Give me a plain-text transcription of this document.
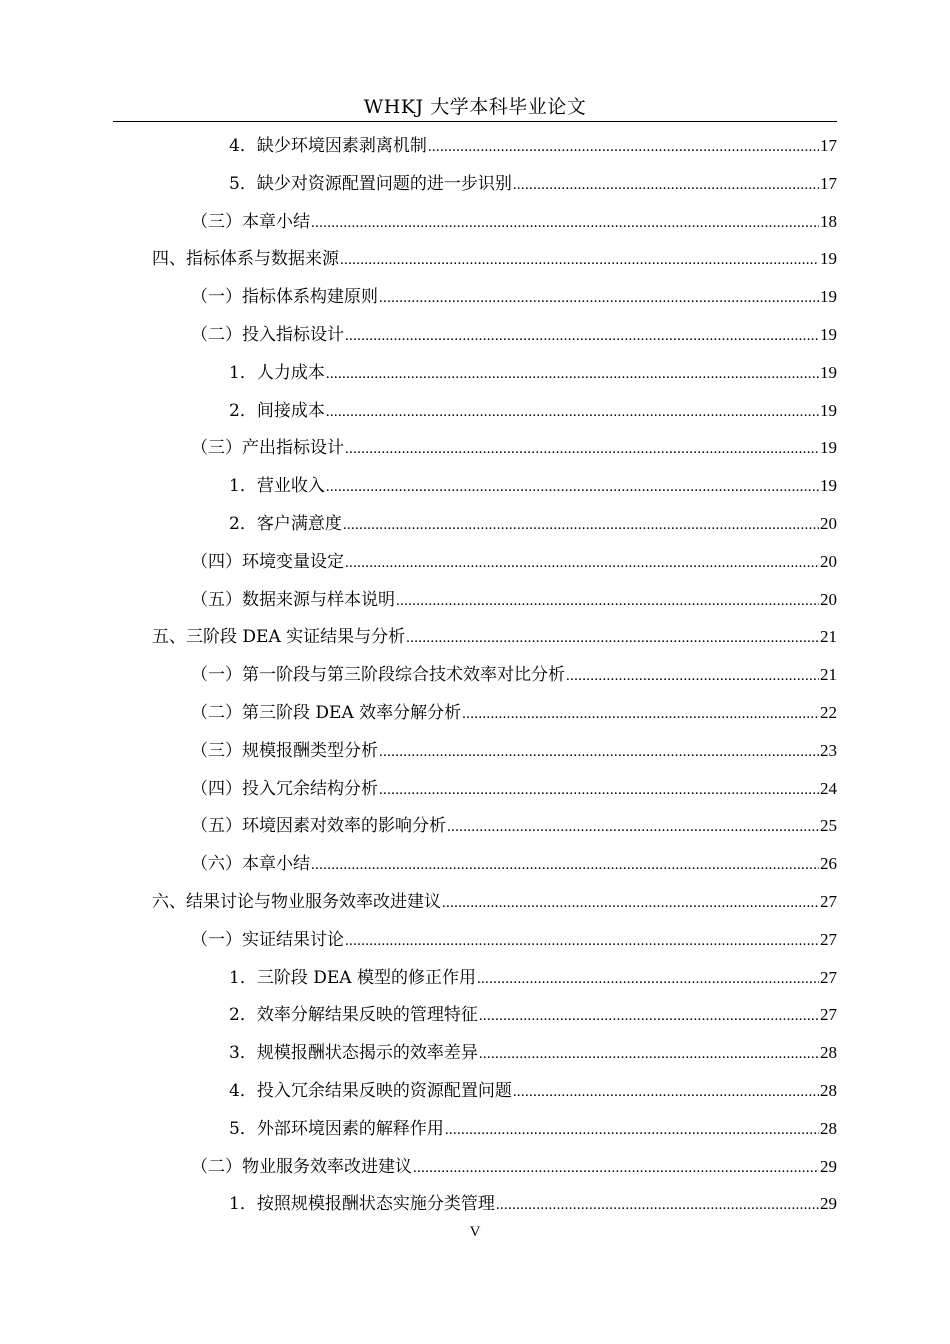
WHKJ 大学本科毕业论文
4．缺少环境因素剥离机制 .....	17
5．缺少对资源配置问题的进一步识别 .....	17
（三）本章小结 .....	18
四、指标体系与数据来源 .....	19
（一）指标体系构建原则 .....	19
（二）投入指标设计 .....	19
1．人力成本 .....	19
2．间接成本 .....	19
（三）产出指标设计 .....	19
1．营业收入 .....	19
2．客户满意度 .....	20
（四）环境变量设定 .....	20
（五）数据来源与样本说明 .....	20
五、三阶段 DEA 实证结果与分析 .....	21
（一）第一阶段与第三阶段综合技术效率对比分析 .....	21
（二）第三阶段 DEA 效率分解分析 .....	22
（三）规模报酬类型分析 .....	23
（四）投入冗余结构分析 .....	24
（五）环境因素对效率的影响分析 .....	25
（六）本章小结 .....	26
六、结果讨论与物业服务效率改进建议 .....	27
（一）实证结果讨论 .....	27
1．三阶段 DEA 模型的修正作用 .....	27
2．效率分解结果反映的管理特征 .....	27
3．规模报酬状态揭示的效率差异 .....	28
4．投入冗余结果反映的资源配置问题 .....	28
5．外部环境因素的解释作用 .....	28
（二）物业服务效率改进建议 .....	29
1．按照规模报酬状态实施分类管理 .....	29
V
